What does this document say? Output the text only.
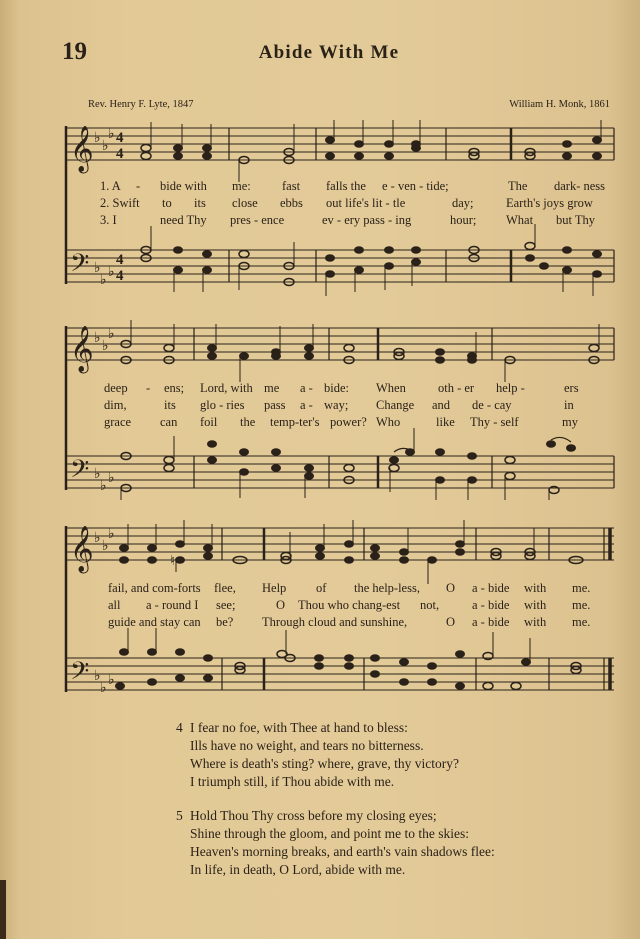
19	Abide With Me
Rev. Henry F. Lyte, 1847	William H. Monk, 1861
𝄞
𝄢
♭ ♭
♭
♭
♭ ♭
4
4
4
4
1. A - bide with me:	fast falls the e - ven - tide;	The dark- ness
2. Swift to its close ebbs out life's lit - tle	day;	Earth's joys grow
3. I	need Thy pres - ence	ev - ery pass - ing	hour; What but Thy
𝄞
𝄢
♭ ♭
♭
♭
♭ ♭
deep - ens; Lord, with me a - bide: When	oth - er help -	ers
dim,	its glo - ries pass a - way; Change and de - cay	in
grace can foil the temp-ter's power? Who	like Thy - self	my
𝄞
𝄢
♭ ♭
♭
♭
♭ ♭
♮
fail, and com-forts flee, Help of the help-less, O a - bide with me.
all a - round I see;	O Thou who chang-est not,	a - bide with me.
guide and stay can be? Through cloud and sunshine,	O a - bide with me.
4 I fear no foe, with Thee at hand to bless:
Ills have no weight, and tears no bitterness.
Where is death's sting? where, grave, thy victory?
I triumph still, if Thou abide with me.
5 Hold Thou Thy cross before my closing eyes;
Shine through the gloom, and point me to the skies:
Heaven's morning breaks, and earth's vain shadows flee:
In life, in death, O Lord, abide with me.
